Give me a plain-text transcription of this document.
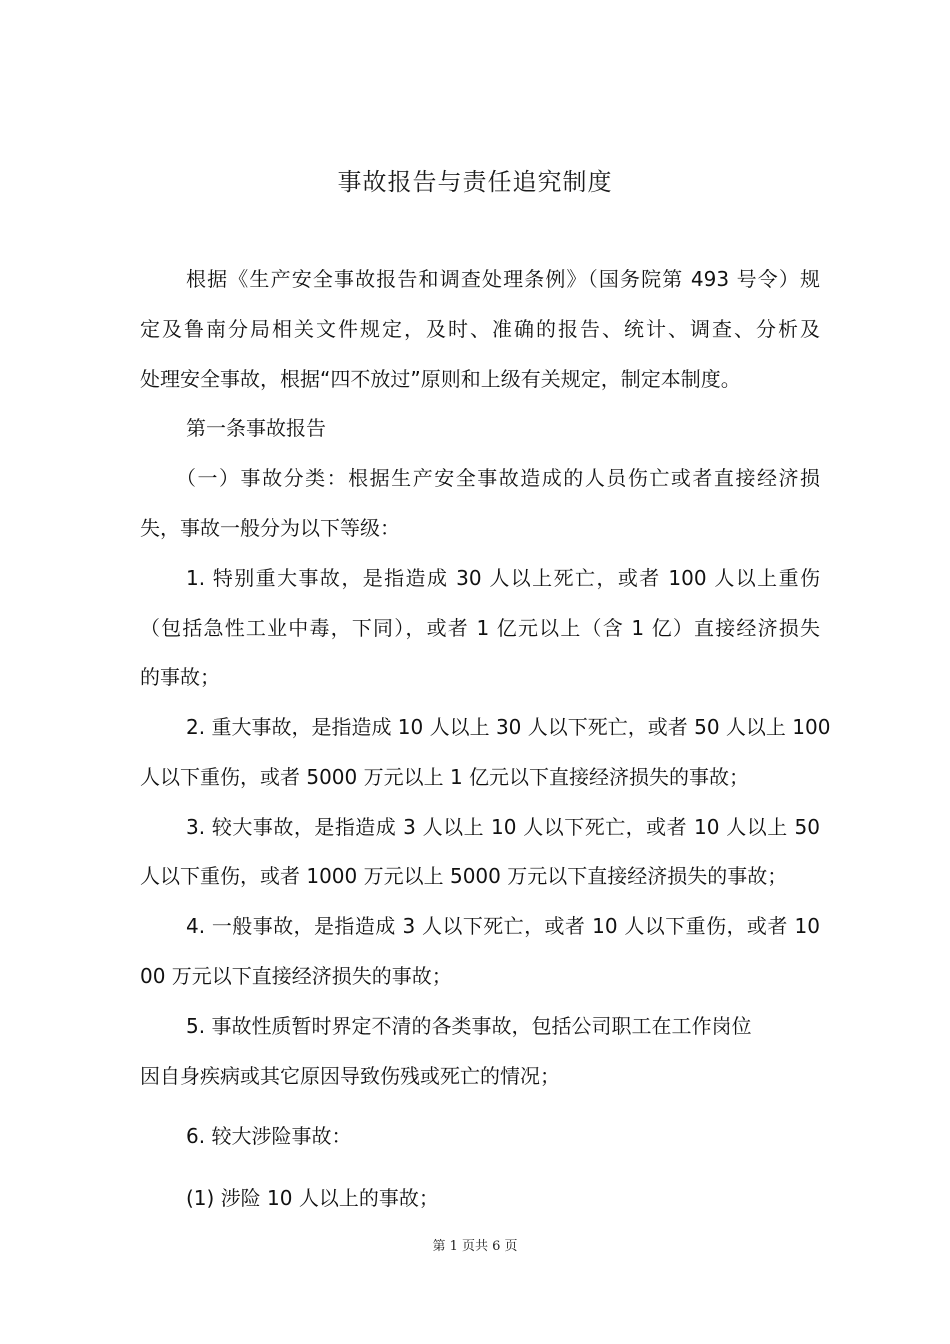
事故报告与责任追究制度
根据《生产安全事故报告和调查处理条例》（国务院第 493 号令）规
定及鲁南分局相关文件规定，及时、准确的报告、统计、调查、分析及
处理安全事故，根据“四不放过”原则和上级有关规定，制定本制度。
第一条事故报告
（一）事故分类：根据生产安全事故造成的人员伤亡或者直接经济损
失，事故一般分为以下等级：
1. 特别重大事故，是指造成 30 人以上死亡，或者 100 人以上重伤
（包括急性工业中毒，下同），或者 1 亿元以上（含 1 亿）直接经济损失
的事故；
2. 重大事故，是指造成 10 人以上 30 人以下死亡，或者 50 人以上 100
人以下重伤，或者 5000 万元以上 1 亿元以下直接经济损失的事故；
3. 较大事故，是指造成 3 人以上 10 人以下死亡，或者 10 人以上 50
人以下重伤，或者 1000 万元以上 5000 万元以下直接经济损失的事故；
4. 一般事故，是指造成 3 人以下死亡，或者 10 人以下重伤，或者 10
00 万元以下直接经济损失的事故；
5. 事故性质暂时界定不清的各类事故，包括公司职工在工作岗位
因自身疾病或其它原因导致伤残或死亡的情况；
6. 较大涉险事故：
(1) 涉险 10 人以上的事故；
第 1 页共 6 页
